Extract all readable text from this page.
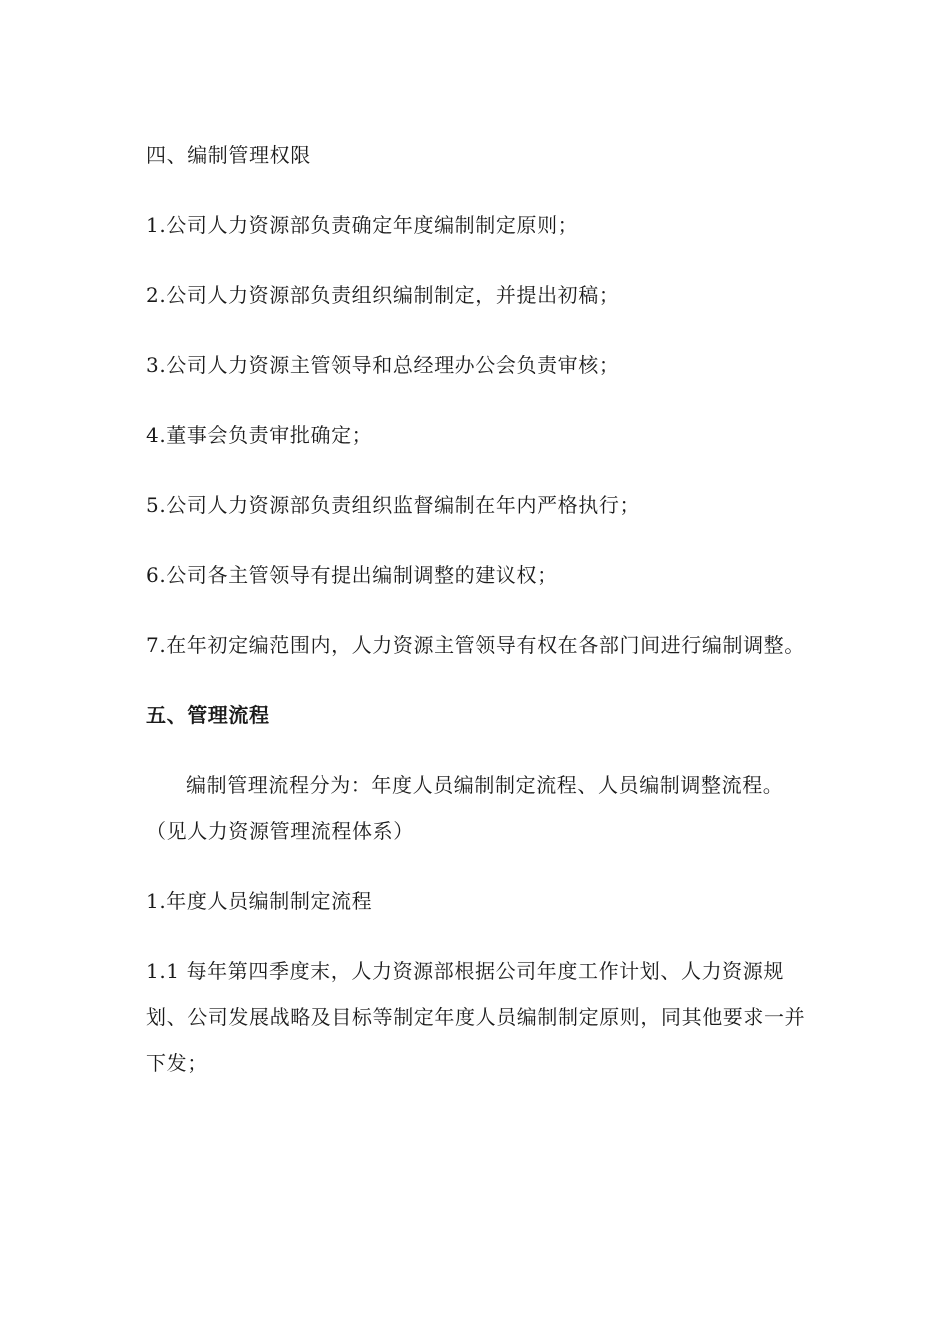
四、编制管理权限

1.公司人力资源部负责确定年度编制制定原则；

2.公司人力资源部负责组织编制制定，并提出初稿；

3.公司人力资源主管领导和总经理办公会负责审核；

4.董事会负责审批确定；

5.公司人力资源部负责组织监督编制在年内严格执行；

6.公司各主管领导有提出编制调整的建议权；

7.在年初定编范围内，人力资源主管领导有权在各部门间进行编制调整。

五、管理流程

编制管理流程分为：年度人员编制制定流程、人员编制调整流程。（见人力资源管理流程体系）

1.年度人员编制制定流程

1.1 每年第四季度末，人力资源部根据公司年度工作计划、人力资源规划、公司发展战略及目标等制定年度人员编制制定原则，同其他要求一并下发；
